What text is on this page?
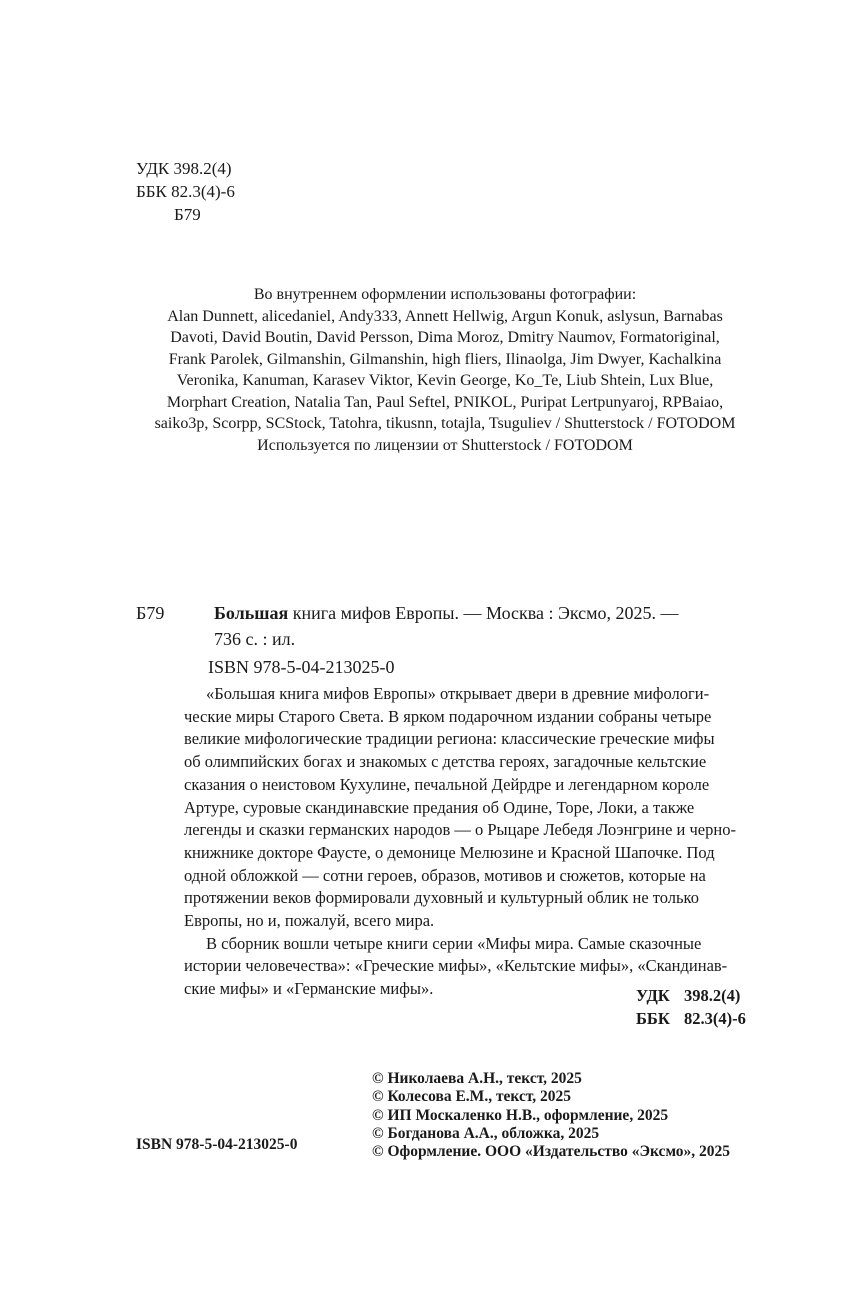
УДК 398.2(4)
ББК 82.3(4)-6
Б79
Во внутреннем оформлении использованы фотографии:
Alan Dunnett, alicedaniel, Andy333, Annett Hellwig, Argun Konuk, aslysun, Barnabas
Davoti, David Boutin, David Persson, Dima Moroz, Dmitry Naumov, Formatoriginal,
Frank Parolek, Gilmanshin, Gilmanshin, high fliers, Ilinaolga, Jim Dwyer, Kachalkina
Veronika, Kanuman, Karasev Viktor, Kevin George, Ko_Te, Liub Shtein, Lux Blue,
Morphart Creation, Natalia Tan, Paul Seftel, PNIKOL, Puripat Lertpunyaroj, RPBaiao,
saiko3p, Scorpp, SCStock, Tatohra, tikusnn, totajla, Tsuguliev / Shutterstock / FOTODOM
Используется по лицензии от Shutterstock / FOTODOM
Б79	Большая книга мифов Европы. — Москва : Эксмо, 2025. —
736 с. : ил.
ISBN 978-5-04-213025-0
«Большая книга мифов Европы» открывает двери в древние мифологи-
ческие миры Старого Света. В ярком подарочном издании собраны четыре
великие мифологические традиции региона: классические греческие мифы
об олимпийских богах и знакомых с детства героях, загадочные кельтские
сказания о неистовом Кухулине, печальной Дейрдре и легендарном короле
Артуре, суровые скандинавские предания об Одине, Торе, Локи, а также
легенды и сказки германских народов — о Рыцаре Лебедя Лоэнгрине и черно-
книжнике докторе Фаусте, о демонице Мелюзине и Красной Шапочке. Под
одной обложкой — сотни героев, образов, мотивов и сюжетов, которые на
протяжении веков формировали духовный и культурный облик не только
Европы, но и, пожалуй, всего мира.
В сборник вошли четыре книги серии «Мифы мира. Самые сказочные
истории человечества»: «Греческие мифы», «Кельтские мифы», «Скандинав-
ские мифы» и «Германские мифы».	УДК 398.2(4)
ББК 82.3(4)-6
© Николаева А.Н., текст, 2025
© Колесова Е.М., текст, 2025
© ИП Москаленко Н.В., оформление, 2025
© Богданова А.А., обложка, 2025
© Оформление. ООО «Издательство «Эксмо», 2025
ISBN 978-5-04-213025-0
